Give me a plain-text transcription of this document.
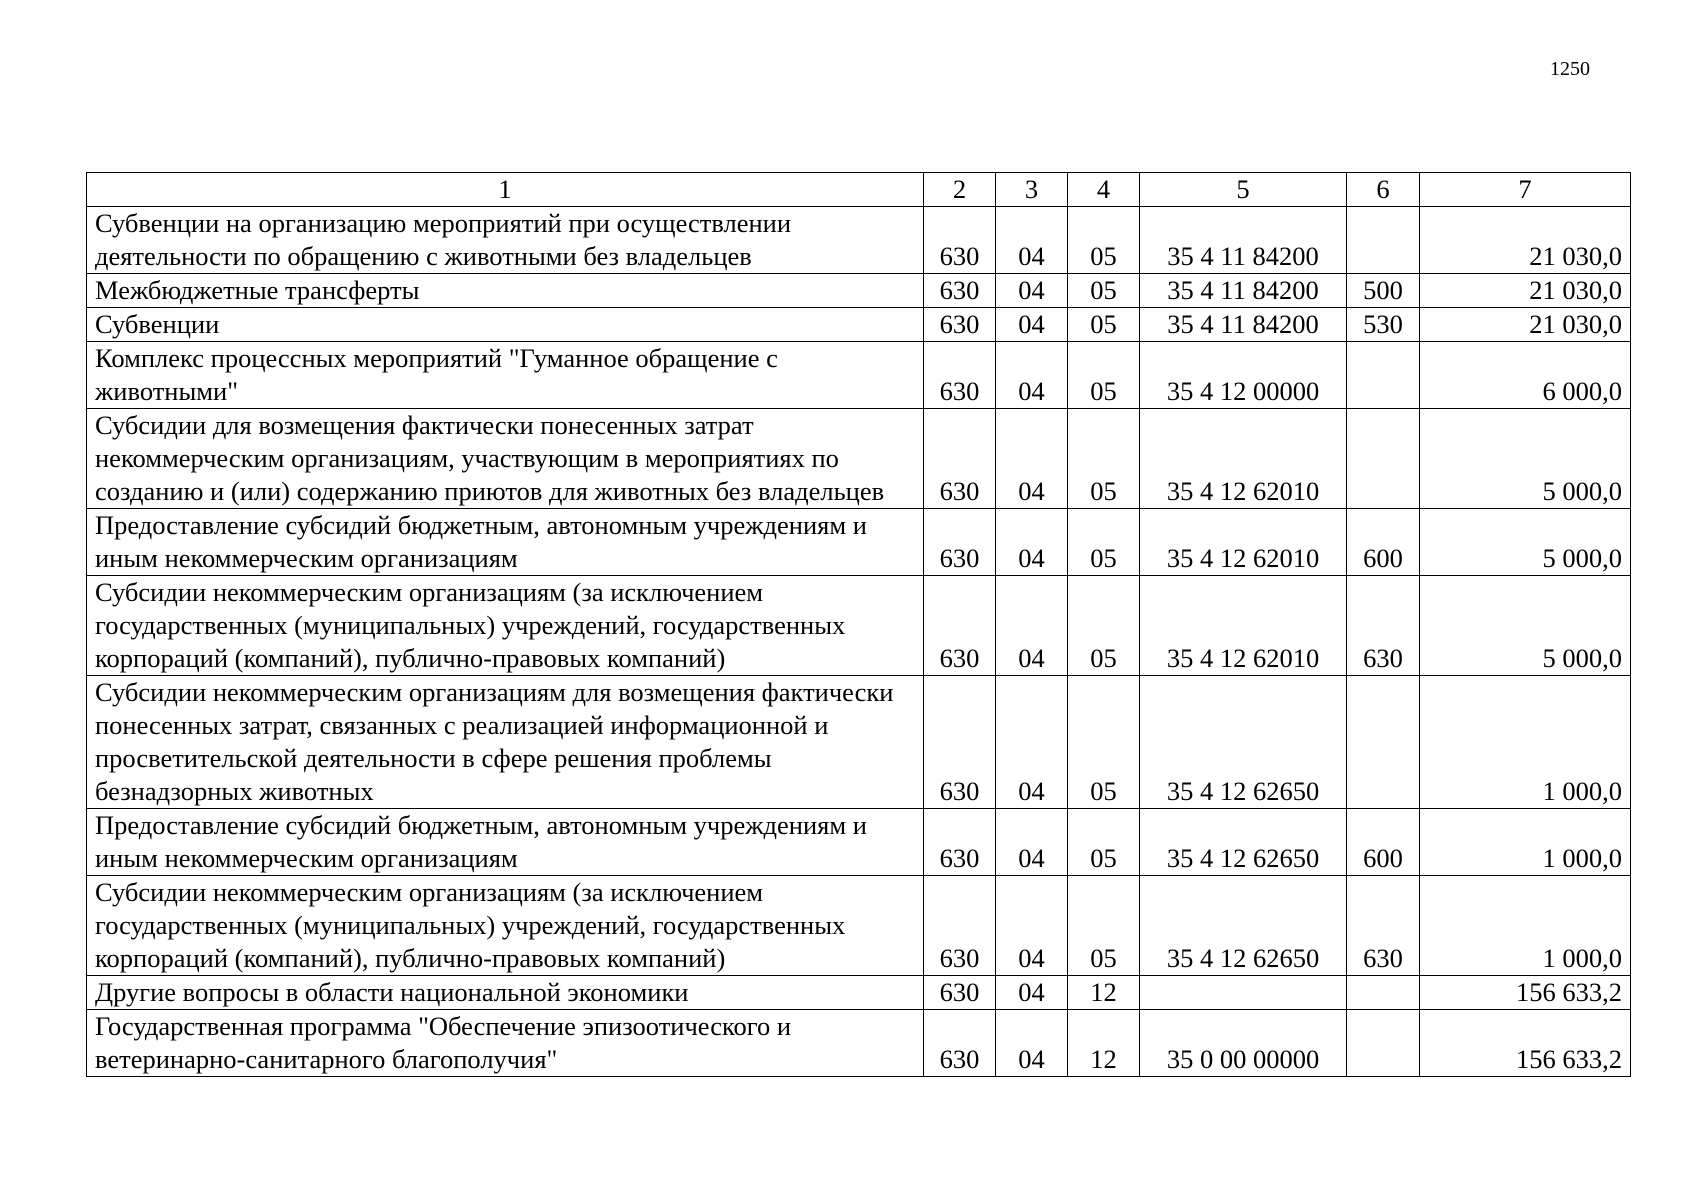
1250
1	2	3	4	5	6	7
Субвенции на организацию мероприятий при осуществлении деятельности по обращению с животными без владельцев	630	04	05	35 4 11 84200		21 030,0
Межбюджетные трансферты	630	04	05	35 4 11 84200	500	21 030,0
Субвенции	630	04	05	35 4 11 84200	530	21 030,0
Комплекс процессных мероприятий "Гуманное обращение с животными"	630	04	05	35 4 12 00000		6 000,0
Субсидии для возмещения фактически понесенных затрат некоммерческим организациям, участвующим в мероприятиях по созданию и (или) содержанию приютов для животных без владельцев	630	04	05	35 4 12 62010		5 000,0
Предоставление субсидий бюджетным, автономным учреждениям и иным некоммерческим организациям	630	04	05	35 4 12 62010	600	5 000,0
Субсидии некоммерческим организациям (за исключением государственных (муниципальных) учреждений, государственных корпораций (компаний), публично-правовых компаний)	630	04	05	35 4 12 62010	630	5 000,0
Субсидии некоммерческим организациям для возмещения фактически понесенных затрат, связанных с реализацией информационной и просветительской деятельности в сфере решения проблемы безнадзорных животных	630	04	05	35 4 12 62650		1 000,0
Предоставление субсидий бюджетным, автономным учреждениям и иным некоммерческим организациям	630	04	05	35 4 12 62650	600	1 000,0
Субсидии некоммерческим организациям (за исключением государственных (муниципальных) учреждений, государственных корпораций (компаний), публично-правовых компаний)	630	04	05	35 4 12 62650	630	1 000,0
Другие вопросы в области национальной экономики	630	04	12			156 633,2
Государственная программа "Обеспечение эпизоотического и ветеринарно-санитарного благополучия"	630	04	12	35 0 00 00000		156 633,2
